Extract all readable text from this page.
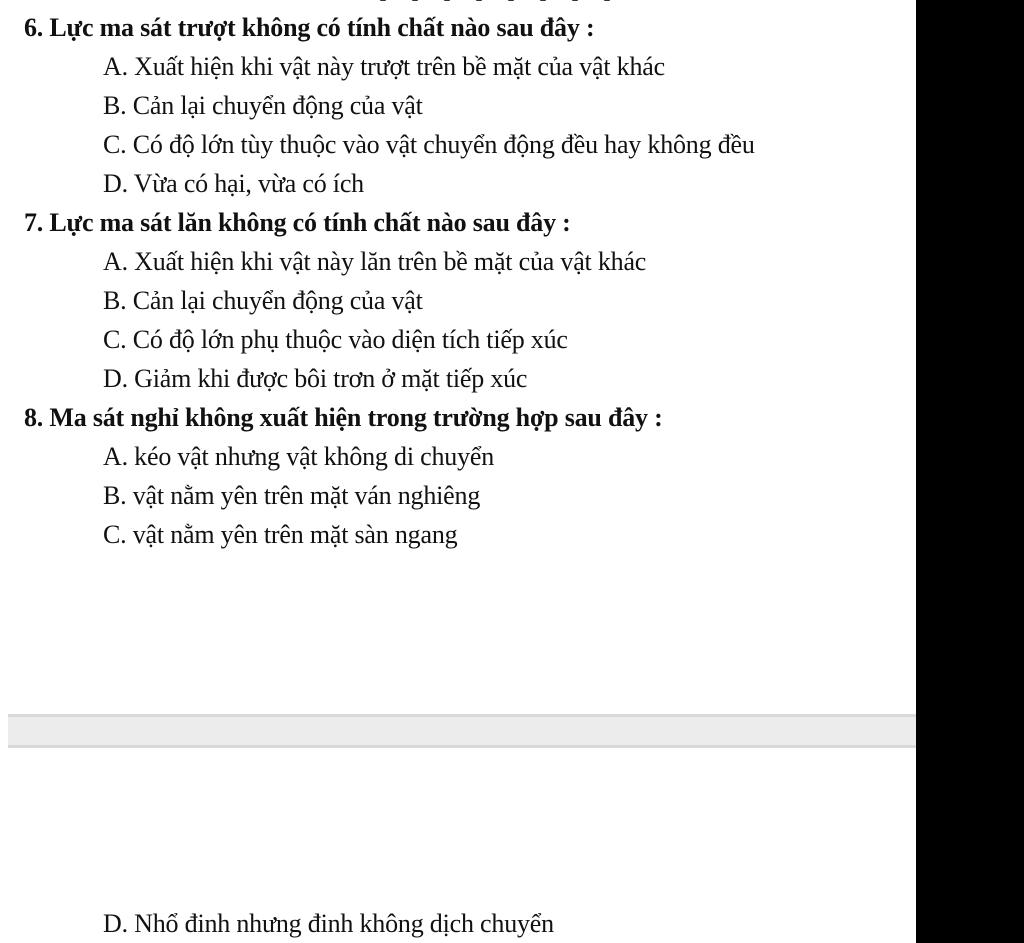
6. Lực ma sát trượt không có tính chất nào sau đây :
A. Xuất hiện khi vật này trượt trên bề mặt của vật khác
B. Cản lại chuyển động của vật
C. Có độ lớn tùy thuộc vào vật chuyển động đều hay không đều
D. Vừa có hại, vừa có ích
7. Lực ma sát lăn không có tính chất nào sau đây :
A. Xuất hiện khi vật này lăn trên bề mặt của vật khác
B. Cản lại chuyển động của vật
C. Có độ lớn phụ thuộc vào diện tích tiếp xúc
D. Giảm khi được bôi trơn ở mặt tiếp xúc
8. Ma sát nghỉ không xuất hiện trong trường hợp sau đây :
A. kéo vật nhưng vật không di chuyển
B. vật nằm yên trên mặt ván nghiêng
C. vật nằm yên trên mặt sàn ngang
D. Nhổ đinh nhưng đinh không dịch chuyển
